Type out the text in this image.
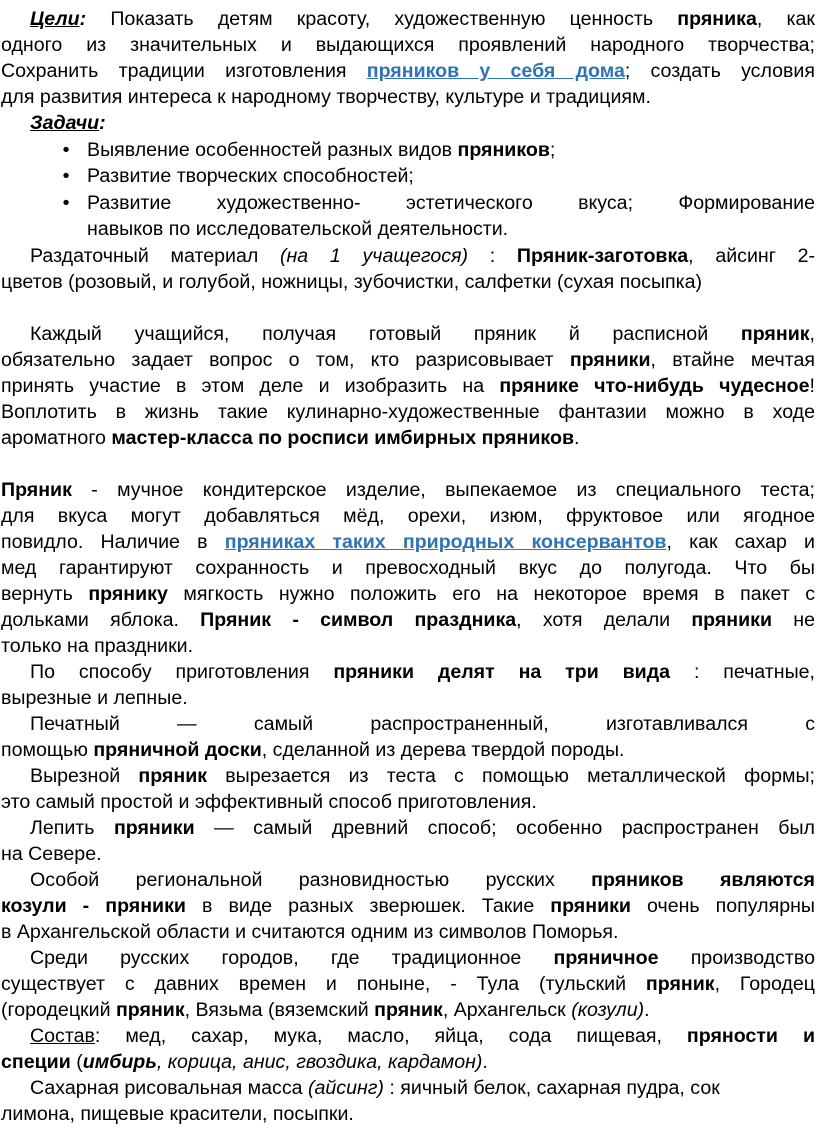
Цели: Показать детям красоту, художественную ценность пряника, как
одного из значительных и выдающихся проявлений народного творчества;
Сохранить традиции изготовления пряников у себя дома; создать условия
для развития интереса к народному творчеству, культуре и традициям.
Задачи:
• Выявление особенностей разных видов пряников;
• Развитие творческих способностей;
• Развитие художественно- эстетического вкуса; Формирование
навыков по исследовательской деятельности.
Раздаточный материал (на 1 учащегося) : Пряник-заготовка, айсинг 2-
цветов (розовый, и голубой, ножницы, зубочистки, салфетки (сухая посыпка)
Каждый учащийся, получая готовый пряник й расписной пряник,
обязательно задает вопрос о том, кто разрисовывает пряники, втайне мечтая
принять участие в этом деле и изобразить на прянике что-нибудь чудесное!
Воплотить в жизнь такие кулинарно-художественные фантазии можно в ходе
ароматного мастер-класса по росписи имбирных пряников.
Пряник - мучное кондитерское изделие, выпекаемое из специального теста;
для вкуса могут добавляться мёд, орехи, изюм, фруктовое или ягодное
повидло. Наличие в пряниках таких природных консервантов, как сахар и
мед гарантируют сохранность и превосходный вкус до полугода. Что бы
вернуть прянику мягкость нужно положить его на некоторое время в пакет с
дольками яблока. Пряник - символ праздника, хотя делали пряники не
только на праздники.
По способу приготовления пряники делят на три вида : печатные,
вырезные и лепные.
Печатный — самый распространенный, изготавливался с
помощью пряничной доски, сделанной из дерева твердой породы.
Вырезной пряник вырезается из теста с помощью металлической формы;
это самый простой и эффективный способ приготовления.
Лепить пряники — самый древний способ; особенно распространен был
на Севере.
Особой региональной разновидностью русских пряников являются
козули - пряники в виде разных зверюшек. Такие пряники очень популярны
в Архангельской области и считаются одним из символов Поморья.
Среди русских городов, где традиционное пряничное производство
существует с давних времен и поныне, - Тула (тульский пряник, Городец
(городецкий пряник, Вязьма (вяземский пряник, Архангельск (козули).
Состав: мед, сахар, мука, масло, яйца, сода пищевая, пряности и
специи (имбирь, корица, анис, гвоздика, кардамон).
Сахарная рисовальная масса (айсинг) : яичный белок, сахарная пудра, сок
лимона, пищевые красители, посыпки.
